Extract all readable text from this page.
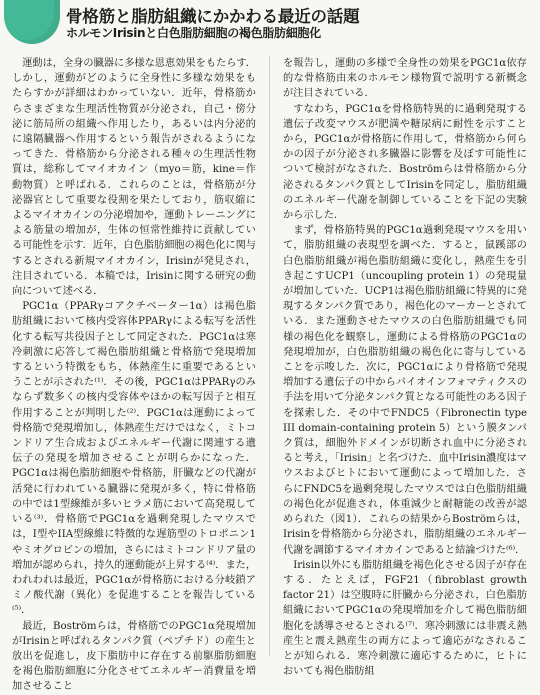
骨格筋と脂肪組織にかかわる最近の話題
ホルモンIrisinと白色脂肪細胞の褐色脂肪細胞化

運動は，全身の臓器に多様な恩恵効果をもたらす．しかし，運動がどのように全身性に多様な効果をもたらすかが詳細はわかっていない．近年，骨格筋からさまざまな生理活性物質が分泌され，自己・傍分泌に筋局所の組織へ作用したり，あるいは内分泌的に遠隔臓器へ作用するという報告がされるようになってきた．骨格筋から分泌される種々の生理活性物質は，総称してマイオカイン（myo＝筋，kine＝作動物質）と呼ばれる．これらのことは，骨格筋が分泌器官として重要な役割を果たしており，筋収縮によるマイオカインの分泌増加や，運動トレーニングによる筋量の増加が，生体の恒常性維持に貢献している可能性を示す．近年，白色脂肪細胞の褐色化に関与するとされる新規マイオカイン，Irisinが発見され，注目されている．本稿では，Irisinに関する研究の動向について述べる．

PGC1α（PPARγコアクチベーター1α）は褐色脂肪組織において核内受容体PPARγによる転写を活性化する転写共役因子として同定された．PGC1αは寒冷刺激に応答して褐色脂肪組織と骨格筋で発現増加するという特徴をもち，体熱産生に重要であるということが示された⁽¹⁾．その後，PGC1αはPPARγのみならず数多くの核内受容体やほかの転写因子と相互作用することが判明した⁽²⁾．PGC1αは運動によって骨格筋で発現増加し，体熱産生だけではなく，ミトコンドリア生合成およびエネルギー代謝に関連する遺伝子の発現を増加させることが明らかになった．PGC1αは褐色脂肪細胞や骨格筋，肝臓などの代謝が活発に行われている臓器に発現が多く，特に骨格筋の中では1型線維が多いヒラメ筋において高発現している⁽³⁾．骨格筋でPGC1αを過剰発現したマウスでは，I型やIIA型線維に特徴的な遅筋型のトロポニン1やミオグロビンの増加，さらにはミトコンドリア量の増加が認められ，持久的運動能が上昇する⁽⁴⁾．また，われわれは最近，PGC1αが骨格筋における分岐鎖アミノ酸代謝（異化）を促進することを報告している⁽⁵⁾．

最近，Boströmらは，骨格筋でのPGC1α発現増加がIrisinと呼ばれるタンパク質（ペプチド）の産生と放出を促進し，皮下脂肪中に存在する前駆脂肪細胞を褐色脂肪細胞に分化させてエネルギー消費量を増加させること

を報告し，運動の多様で全身性の効果をPGC1α依存的な骨格筋由来のホルモン様物質で説明する新概念が注目されている．

すなわち，PGC1αを骨格筋特異的に過剰発現する遺伝子改変マウスが肥満や糖尿病に耐性を示すことから，PGC1αが骨格筋に作用して，骨格筋から何らかの因子が分泌され多臓器に影響を及ぼす可能性について検討がなされた．Boströmらは骨格筋から分泌されるタンパク質としてIrisinを同定し，脂肪組織のエネルギー代謝を制御していることを下記の実験から示した．

まず，骨格筋特異的PGC1α過剰発現マウスを用いて，脂肪組織の表現型を調べた．すると，鼠蹊部の白色脂肪組織が褐色脂肪組織に変化し，熱産生を引き起こすUCP1（uncoupling protein 1）の発現量が増加していた．UCP1は褐色脂肪組織に特異的に発現するタンパク質であり，褐色化のマーカーとされている．また運動させたマウスの白色脂肪組織でも同様の褐色化を観察し，運動による骨格筋のPGC1αの発現増加が，白色脂肪組織の褐色化に寄与していることを示唆した．次に，PGC1αにより骨格筋で発現増加する遺伝子の中からバイオインフォマティクスの手法を用いて分泌タンパク質となる可能性のある因子を探索した．その中でFNDC5（Fibronectin type III domain-containing protein 5）という膜タンパク質は，細胞外ドメインが切断され血中に分泌されると考え，「Irisin」と名づけた．血中Irisin濃度はマウスおよびヒトにおいて運動によって増加した．さらにFNDC5を過剰発現したマウスでは白色脂肪組織の褐色化が促進され，体重減少と耐糖能の改善が認められた（図1）．これらの結果からBoströmらは，Irisinを骨格筋から分泌され，脂肪組織のエネルギー代謝を調節するマイオカインであると結論づけた⁽⁶⁾．

Irisin以外にも脂肪組織を褐色化させる因子が存在する．たとえば，FGF21（fibroblast growth factor 21）は空腹時に肝臓から分泌され，白色脂肪組織においてPGC1αの発現増加を介して褐色脂肪細胞化を誘導させるとされる⁽⁷⁾．寒冷刺激には非震え熱産生と震え熱産生の両方によって適応がなされることが知られる．寒冷刺激に適応するために，ヒトにおいても褐色脂肪組
